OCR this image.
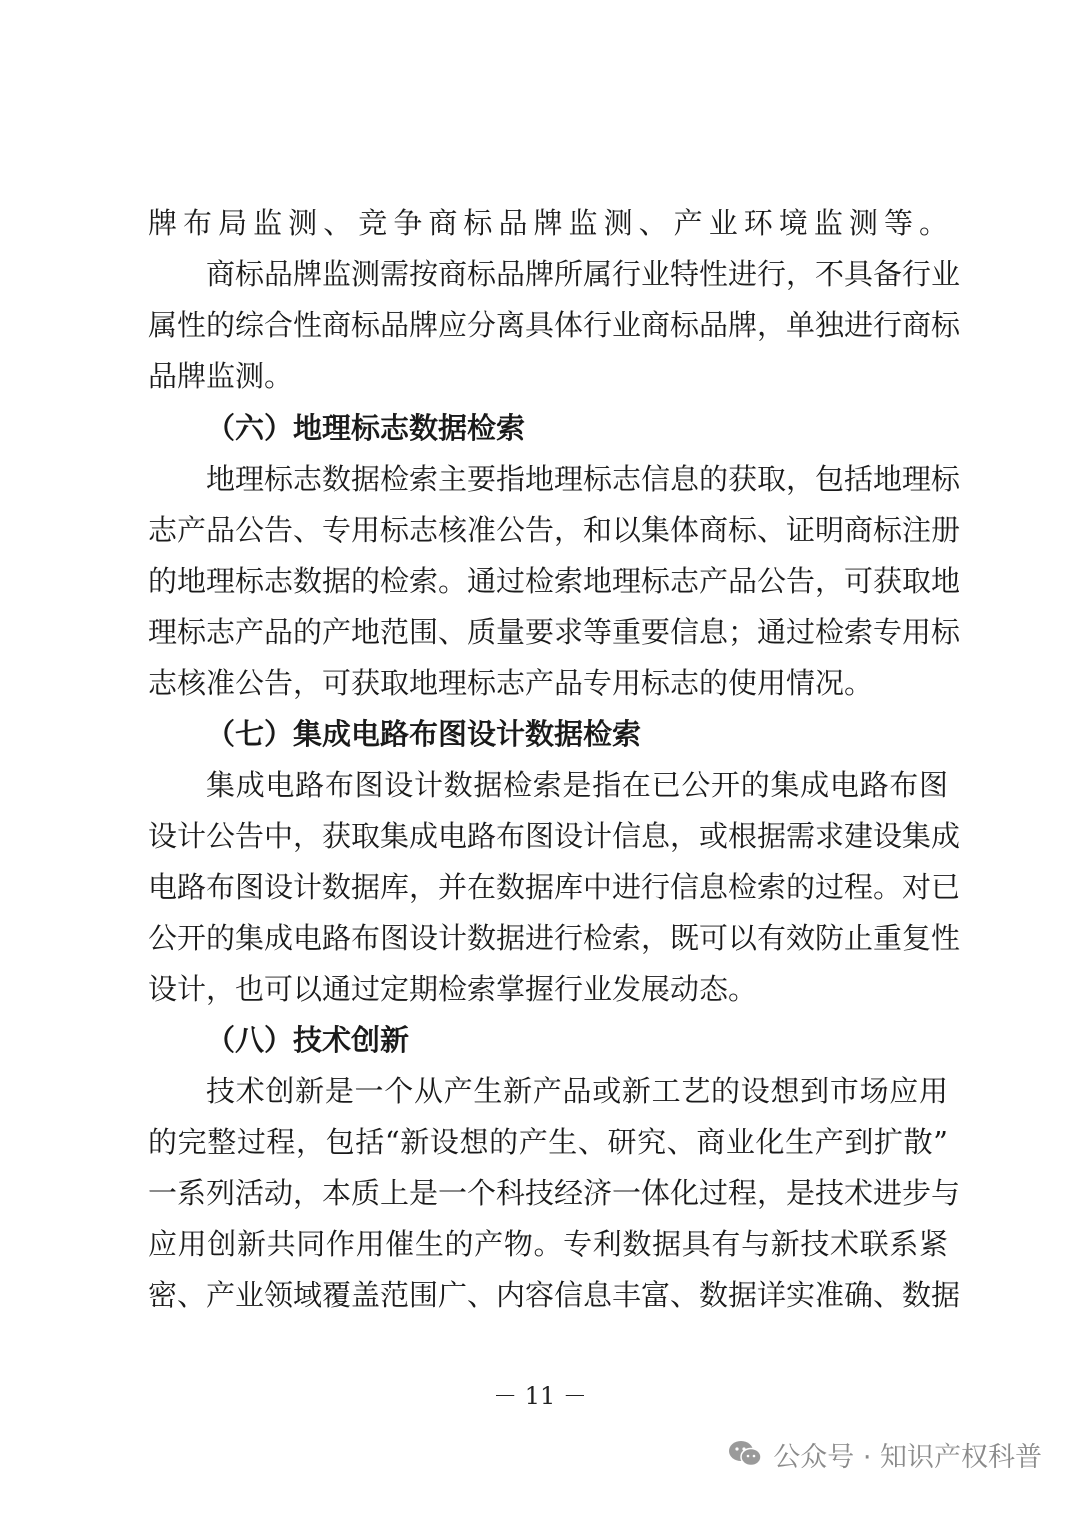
牌布局监测、竞争商标品牌监测、产业环境监测等。
商标品牌监测需按商标品牌所属行业特性进行，不具备行业
属性的综合性商标品牌应分离具体行业商标品牌，单独进行商标
品牌监测。
（六）地理标志数据检索
地理标志数据检索主要指地理标志信息的获取，包括地理标
志产品公告、专用标志核准公告，和以集体商标、证明商标注册
的地理标志数据的检索。通过检索地理标志产品公告，可获取地
理标志产品的产地范围、质量要求等重要信息；通过检索专用标
志核准公告，可获取地理标志产品专用标志的使用情况。
（七）集成电路布图设计数据检索
集成电路布图设计数据检索是指在已公开的集成电路布图
设计公告中，获取集成电路布图设计信息，或根据需求建设集成
电路布图设计数据库，并在数据库中进行信息检索的过程。对已
公开的集成电路布图设计数据进行检索，既可以有效防止重复性
设计，也可以通过定期检索掌握行业发展动态。
（八）技术创新
技术创新是一个从产生新产品或新工艺的设想到市场应用
的完整过程，包括“新设想的产生、研究、商业化生产到扩散”
一系列活动，本质上是一个科技经济一体化过程，是技术进步与
应用创新共同作用催生的产物。专利数据具有与新技术联系紧
密、产业领域覆盖范围广、内容信息丰富、数据详实准确、数据
－ 11 －
公众号 · 知识产权科普
